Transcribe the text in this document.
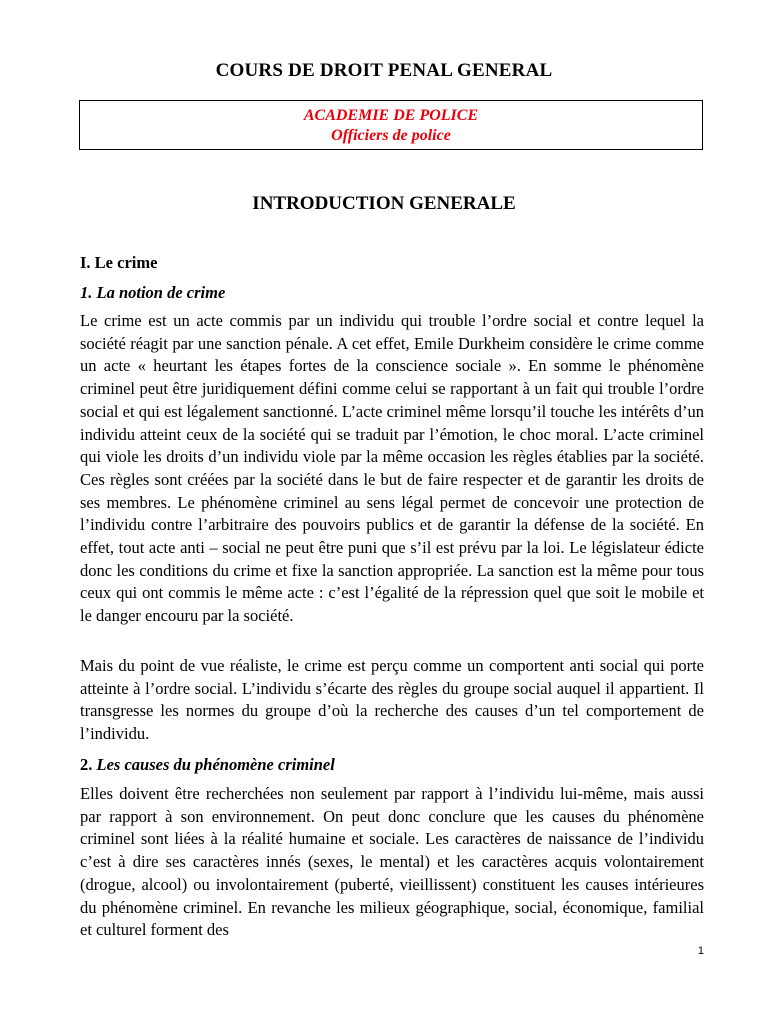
COURS DE DROIT PENAL GENERAL
ACADEMIE DE POLICE
Officiers de police
INTRODUCTION GENERALE
I. Le crime
1. La notion de crime

Le crime est un acte commis par un individu qui trouble l’ordre social et contre lequel la société réagit par une sanction pénale. A cet effet, Emile Durkheim considère le crime comme un acte « heurtant les étapes fortes de la conscience sociale ». En somme le phénomène criminel peut être juridiquement défini comme celui se rapportant à un fait qui trouble l’ordre social et qui est légalement sanctionné. L’acte criminel même lorsqu’il touche les intérêts d’un individu atteint ceux de la société qui se traduit par l’émotion, le choc moral. L’acte criminel qui viole les droits d’un individu viole par la même occasion les règles établies par la société. Ces règles sont créées par la société dans le but de faire respecter et de garantir les droits de ses membres. Le phénomène criminel au sens légal permet de concevoir une protection de l’individu contre l’arbitraire des pouvoirs publics et de garantir la défense de la société. En effet, tout acte anti – social ne peut être puni que s’il est prévu par la loi. Le législateur édicte donc les conditions du crime et fixe la sanction appropriée. La sanction est la même pour tous ceux qui ont commis le même acte : c’est l’égalité de la répression quel que soit le mobile et le danger encouru par la société.

Mais du point de vue réaliste, le crime est perçu comme un comportent anti social qui porte atteinte à l’ordre social. L’individu s’écarte des règles du groupe social auquel il appartient. Il transgresse les normes du groupe d’où la recherche des causes d’un tel comportement de l’individu.

2. Les causes du phénomène criminel

Elles doivent être recherchées non seulement par rapport à l’individu lui-même, mais aussi par rapport à son environnement. On peut donc conclure que les causes du phénomène criminel sont liées à la réalité humaine et sociale. Les caractères de naissance de l’individu c’est à dire ses caractères innés (sexes, le mental) et les caractères acquis volontairement (drogue, alcool) ou involontairement (puberté, vieillissent) constituent les causes intérieures du phénomène criminel. En revanche les milieux géographique, social, économique, familial et culturel forment des

1
